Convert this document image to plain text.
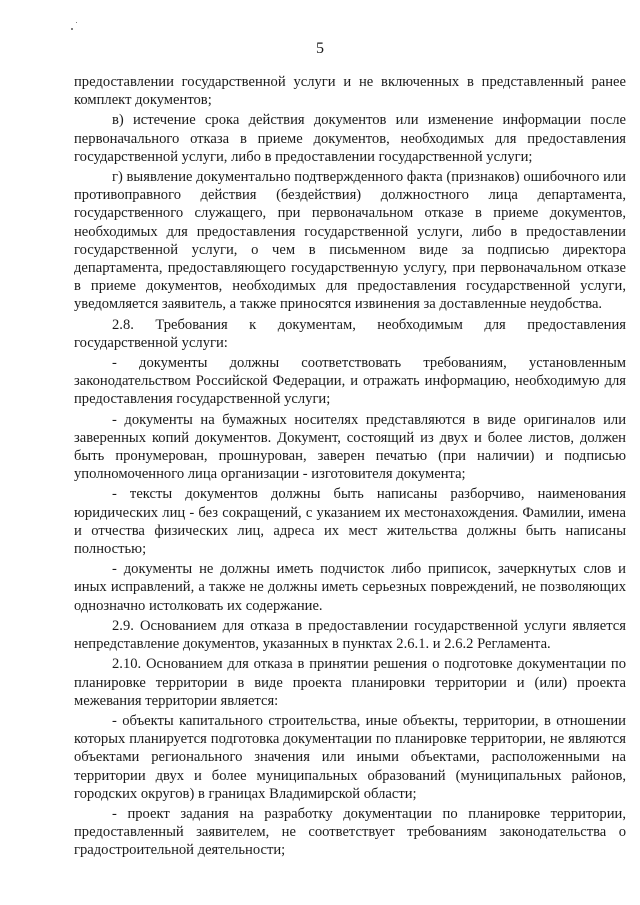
5

предоставлении государственной услуги и не включенных в представленный ранее комплект документов;

в) истечение срока действия документов или изменение информации после первоначального отказа в приеме документов, необходимых для предоставления государственной услуги, либо в предоставлении государственной услуги;

г) выявление документально подтвержденного факта (признаков) ошибочного или противоправного действия (бездействия) должностного лица департамента, государственного служащего, при первоначальном отказе в приеме документов, необходимых для предоставления государственной услуги, либо в предоставлении государственной услуги, о чем в письменном виде за подписью директора департамента, предоставляющего государственную услугу, при первоначальном отказе в приеме документов, необходимых для предоставления государственной услуги, уведомляется заявитель, а также приносятся извинения за доставленные неудобства.

2.8. Требования к документам, необходимым для предоставления государственной услуги:

- документы должны соответствовать требованиям, установленным законодательством Российской Федерации, и отражать информацию, необходимую для предоставления государственной услуги;

- документы на бумажных носителях представляются в виде оригиналов или заверенных копий документов. Документ, состоящий из двух и более листов, должен быть пронумерован, прошнурован, заверен печатью (при наличии) и подписью уполномоченного лица организации - изготовителя документа;

- тексты документов должны быть написаны разборчиво, наименования юридических лиц - без сокращений, с указанием их местонахождения. Фамилии, имена и отчества физических лиц, адреса их мест жительства должны быть написаны полностью;

- документы не должны иметь подчисток либо приписок, зачеркнутых слов и иных исправлений, а также не должны иметь серьезных повреждений, не позволяющих однозначно истолковать их содержание.

2.9. Основанием для отказа в предоставлении государственной услуги является непредставление документов, указанных в пунктах 2.6.1. и 2.6.2 Регламента.

2.10. Основанием для отказа в принятии решения о подготовке документации по планировке территории в виде проекта планировки территории и (или) проекта межевания территории является:

- объекты капитального строительства, иные объекты, территории, в отношении которых планируется подготовка документации по планировке территории, не являются объектами регионального значения или иными объектами, расположенными на территории двух и более муниципальных образований (муниципальных районов, городских округов) в границах Владимирской области;

- проект задания на разработку документации по планировке территории, предоставленный заявителем, не соответствует требованиям законодательства о градостроительной деятельности;
